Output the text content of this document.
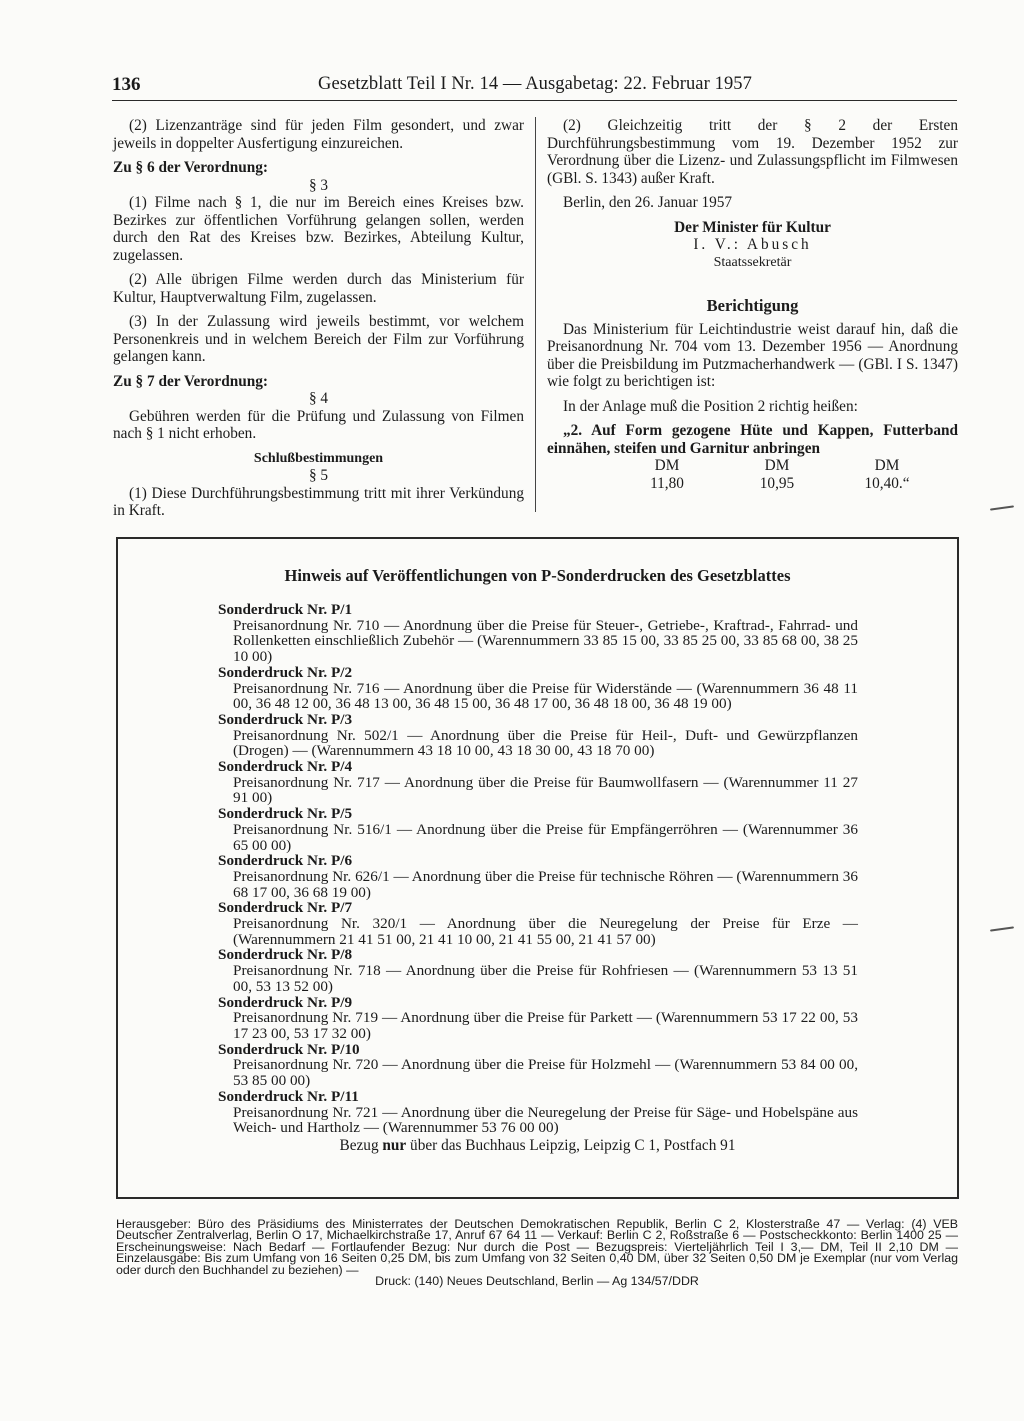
136	Gesetzblatt Teil I Nr. 14 — Ausgabetag: 22. Februar 1957

(2) Lizenzanträge sind für jeden Film gesondert, und zwar jeweils in doppelter Ausfertigung einzureichen.

Zu § 6 der Verordnung:

§ 3

(1) Filme nach § 1, die nur im Bereich eines Kreises bzw. Bezirkes zur öffentlichen Vorführung gelangen sollen, werden durch den Rat des Kreises bzw. Bezirkes, Abteilung Kultur, zugelassen.

(2) Alle übrigen Filme werden durch das Ministerium für Kultur, Hauptverwaltung Film, zugelassen.

(3) In der Zulassung wird jeweils bestimmt, vor welchem Personenkreis und in welchem Bereich der Film zur Vorführung gelangen kann.

Zu § 7 der Verordnung:

§ 4

Gebühren werden für die Prüfung und Zulassung von Filmen nach § 1 nicht erhoben.

Schlußbestimmungen

§ 5

(1) Diese Durchführungsbestimmung tritt mit ihrer Verkündung in Kraft.

(2) Gleichzeitig tritt der § 2 der Ersten Durchführungsbestimmung vom 19. Dezember 1952 zur Verordnung über die Lizenz- und Zulassungspflicht im Filmwesen (GBl. S. 1343) außer Kraft.

Berlin, den 26. Januar 1957

Der Minister für Kultur

I. V.: Abusch

Staatssekretär

Berichtigung

Das Ministerium für Leichtindustrie weist darauf hin, daß die Preisanordnung Nr. 704 vom 13. Dezember 1956 — Anordnung über die Preisbildung im Putzmacherhandwerk — (GBl. I S. 1347) wie folgt zu berichtigen ist:

In der Anlage muß die Position 2 richtig heißen:

„2. Auf Form gezogene Hüte und Kappen, Futterband einnähen, steifen und Garnitur anbringen

DM	DM	DM
11,80	10,95	10,40.“
Hinweis auf Veröffentlichungen von P-Sonderdrucken des Gesetzblattes
Sonderdruck Nr. P/1
Preisanordnung Nr. 710 — Anordnung über die Preise für Steuer-, Getriebe-, Kraftrad-, Fahrrad- und Rollenketten einschließlich Zubehör — (Warennummern 33 85 15 00, 33 85 25 00, 33 85 68 00, 38 25 10 00)
Sonderdruck Nr. P/2
Preisanordnung Nr. 716 — Anordnung über die Preise für Widerstände — (Warennummern 36 48 11 00, 36 48 12 00, 36 48 13 00, 36 48 15 00, 36 48 17 00, 36 48 18 00, 36 48 19 00)
Sonderdruck Nr. P/3
Preisanordnung Nr. 502/1 — Anordnung über die Preise für Heil-, Duft- und Gewürzpflanzen (Drogen) — (Warennummern 43 18 10 00, 43 18 30 00, 43 18 70 00)
Sonderdruck Nr. P/4
Preisanordnung Nr. 717 — Anordnung über die Preise für Baumwollfasern — (Warennummer 11 27 91 00)
Sonderdruck Nr. P/5
Preisanordnung Nr. 516/1 — Anordnung über die Preise für Empfängerröhren — (Warennummer 36 65 00 00)
Sonderdruck Nr. P/6
Preisanordnung Nr. 626/1 — Anordnung über die Preise für technische Röhren — (Warennummern 36 68 17 00, 36 68 19 00)
Sonderdruck Nr. P/7
Preisanordnung Nr. 320/1 — Anordnung über die Neuregelung der Preise für Erze — (Warennummern 21 41 51 00, 21 41 10 00, 21 41 55 00, 21 41 57 00)
Sonderdruck Nr. P/8
Preisanordnung Nr. 718 — Anordnung über die Preise für Rohfriesen — (Warennummern 53 13 51 00, 53 13 52 00)
Sonderdruck Nr. P/9
Preisanordnung Nr. 719 — Anordnung über die Preise für Parkett — (Warennummern 53 17 22 00, 53 17 23 00, 53 17 32 00)
Sonderdruck Nr. P/10
Preisanordnung Nr. 720 — Anordnung über die Preise für Holzmehl — (Warennummern 53 84 00 00, 53 85 00 00)
Sonderdruck Nr. P/11
Preisanordnung Nr. 721 — Anordnung über die Neuregelung der Preise für Säge- und Hobelspäne aus Weich- und Hartholz — (Warennummer 53 76 00 00)
Bezug nur über das Buchhaus Leipzig, Leipzig C 1, Postfach 91

Herausgeber: Büro des Präsidiums des Ministerrates der Deutschen Demokratischen Republik, Berlin C 2, Klosterstraße 47 — Verlag: (4) VEB Deutscher Zentralverlag, Berlin O 17, Michaelkirchstraße 17, Anruf 67 64 11 — Verkauf: Berlin C 2, Roßstraße 6 — Postscheckkonto: Berlin 1400 25 — Erscheinungsweise: Nach Bedarf — Fortlaufender Bezug: Nur durch die Post — Bezugspreis: Vierteljährlich Teil I 3,— DM, Teil II 2,10 DM — Einzelausgabe: Bis zum Umfang von 16 Seiten 0,25 DM, bis zum Umfang von 32 Seiten 0,40 DM, über 32 Seiten 0,50 DM je Exemplar (nur vom Verlag oder durch den Buchhandel zu beziehen) —

Druck: (140) Neues Deutschland, Berlin — Ag 134/57/DDR
